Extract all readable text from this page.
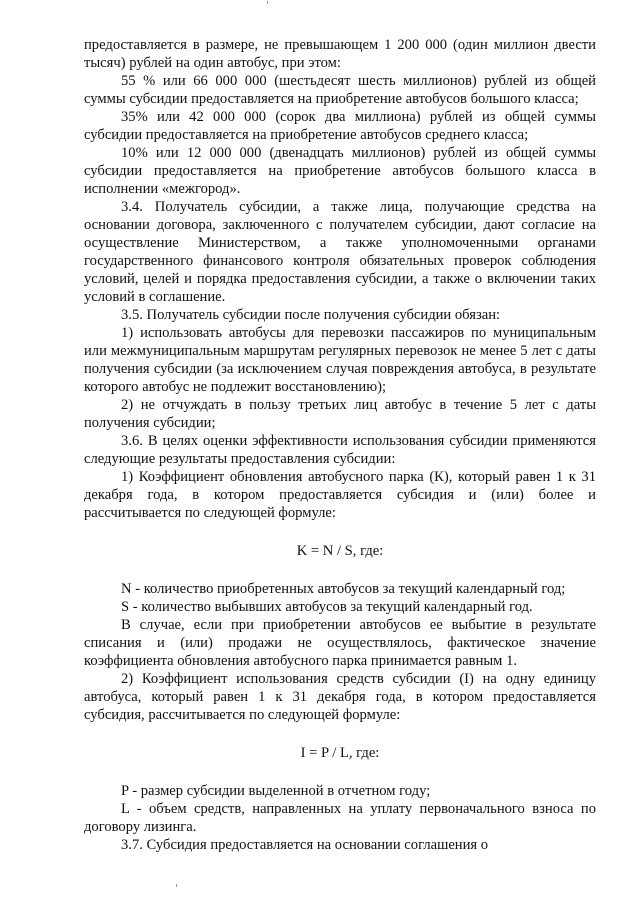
предоставляется в размере, не превышающем 1 200 000 (один миллион двести тысяч) рублей на один автобус, при этом:

55 % или 66 000 000 (шестьдесят шесть миллионов) рублей из общей суммы субсидии предоставляется на приобретение автобусов большого класса;

35% или 42 000 000 (сорок два миллиона) рублей из общей суммы субсидии предоставляется на приобретение автобусов среднего класса;

10% или 12 000 000 (двенадцать миллионов) рублей из общей суммы субсидии предоставляется на приобретение автобусов большого класса в исполнении «межгород».

3.4. Получатель субсидии, а также лица, получающие средства на основании договора, заключенного с получателем субсидии, дают согласие на осуществление Министерством, а также уполномоченными органами государственного финансового контроля обязательных проверок соблюдения условий, целей и порядка предоставления субсидии, а также о включении таких условий в соглашение.

3.5. Получатель субсидии после получения субсидии обязан:

1) использовать автобусы для перевозки пассажиров по муниципальным или межмуниципальным маршрутам регулярных перевозок не менее 5 лет с даты получения субсидии (за исключением случая повреждения автобуса, в результате которого автобус не подлежит восстановлению);

2) не отчуждать в пользу третьих лиц автобус в течение 5 лет с даты получения субсидии;

3.6. В целях оценки эффективности использования субсидии применяются следующие результаты предоставления субсидии:

1) Коэффициент обновления автобусного парка (К), который равен 1 к 31 декабря года, в котором предоставляется субсидия и (или) более и рассчитывается по следующей формуле:

K = N / S, где:

N - количество приобретенных автобусов за текущий календарный год;

S - количество выбывших автобусов за текущий календарный год.

В случае, если при приобретении автобусов ее выбытие в результате списания и (или) продажи не осуществлялось, фактическое значение коэффициента обновления автобусного парка принимается равным 1.

2) Коэффициент использования средств субсидии (I) на одну единицу автобуса, который равен 1 к 31 декабря года, в котором предоставляется субсидия, рассчитывается по следующей формуле:

I = P / L, где:

P - размер субсидии выделенной в отчетном году;

L - объем средств, направленных на уплату первоначального взноса по договору лизинга.

3.7. Субсидия предоставляется на основании соглашения о
